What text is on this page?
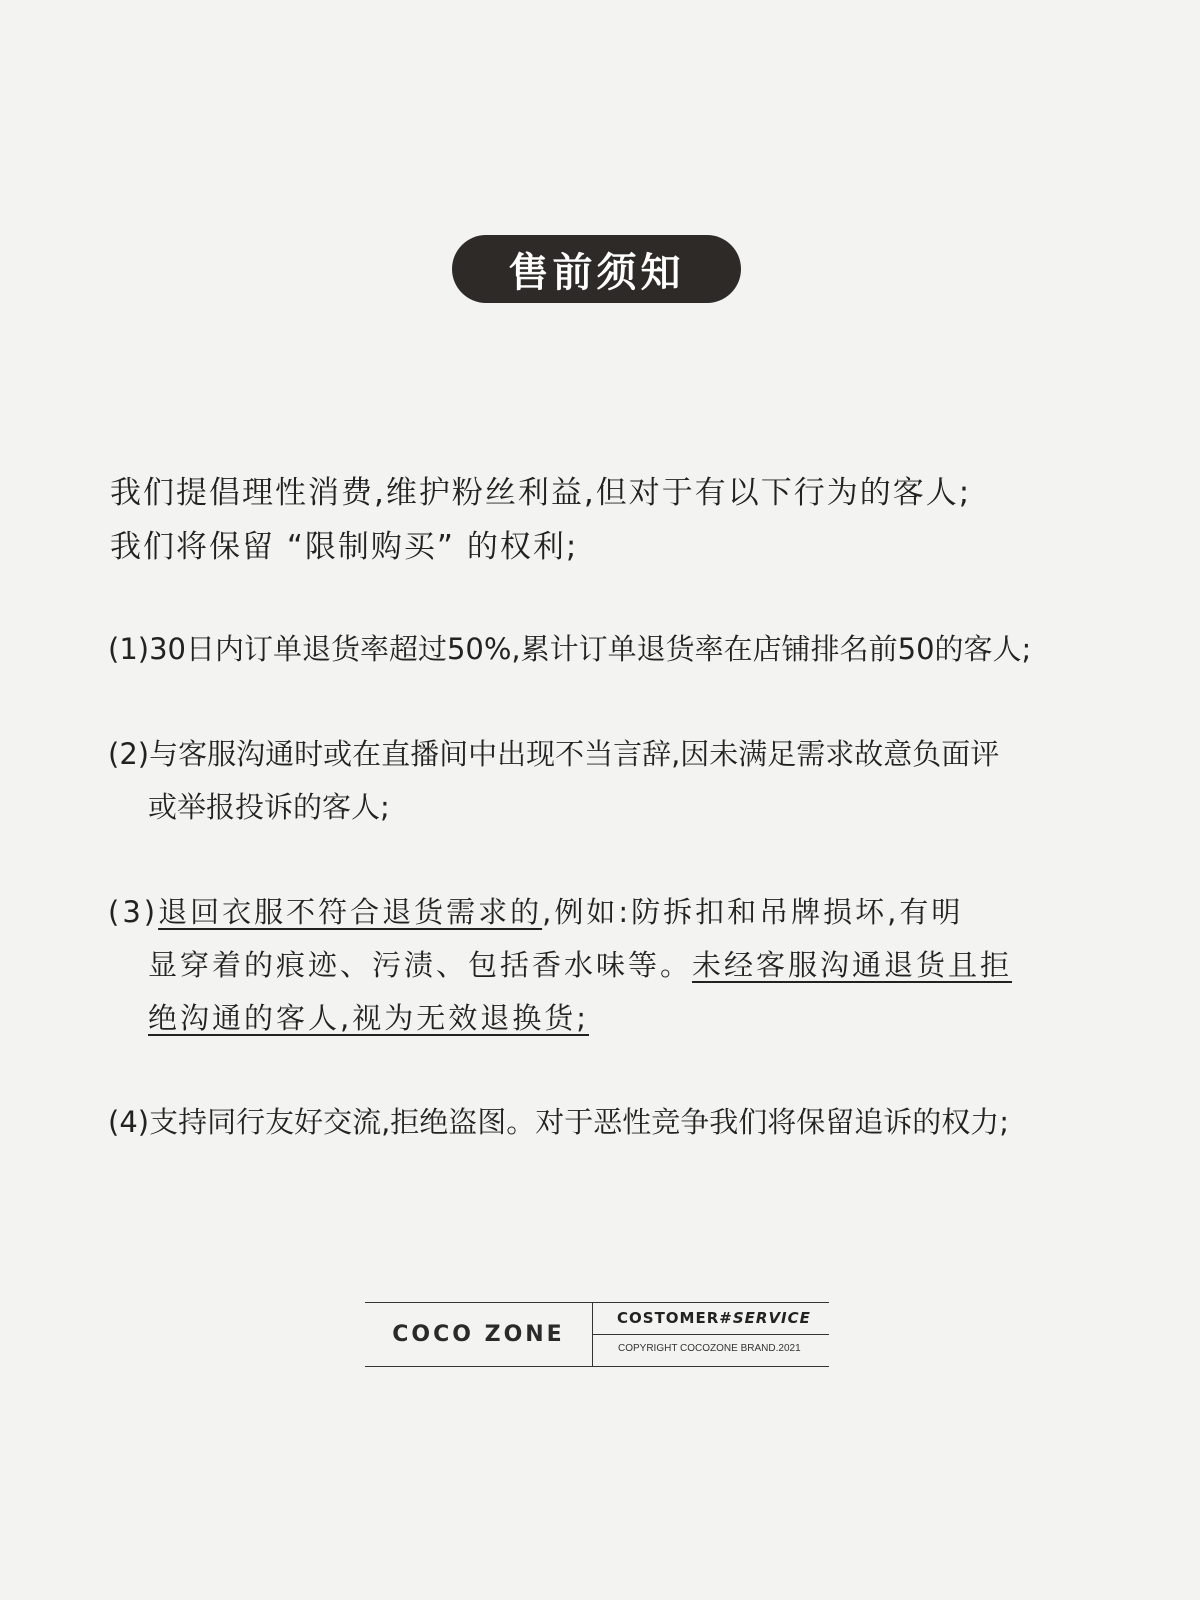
售前须知
我们提倡理性消费,维护粉丝利益,但对于有以下行为的客人;
我们将保留 “限制购买” 的权利;
(1)30日内订单退货率超过50%,累计订单退货率在店铺排名前50的客人;
(2)与客服沟通时或在直播间中出现不当言辞,因未满足需求故意负面评
或举报投诉的客人;
(3)退回衣服不符合退货需求的,例如:防拆扣和吊牌损坏,有明
显穿着的痕迹、污渍、包括香水味等。未经客服沟通退货且拒
绝沟通的客人,视为无效退换货;
(4)支持同行友好交流,拒绝盗图。对于恶性竞争我们将保留追诉的权力;
COCO ZONE
COSTOMER#SERVICE
COPYRIGHT COCOZONE BRAND.2021
